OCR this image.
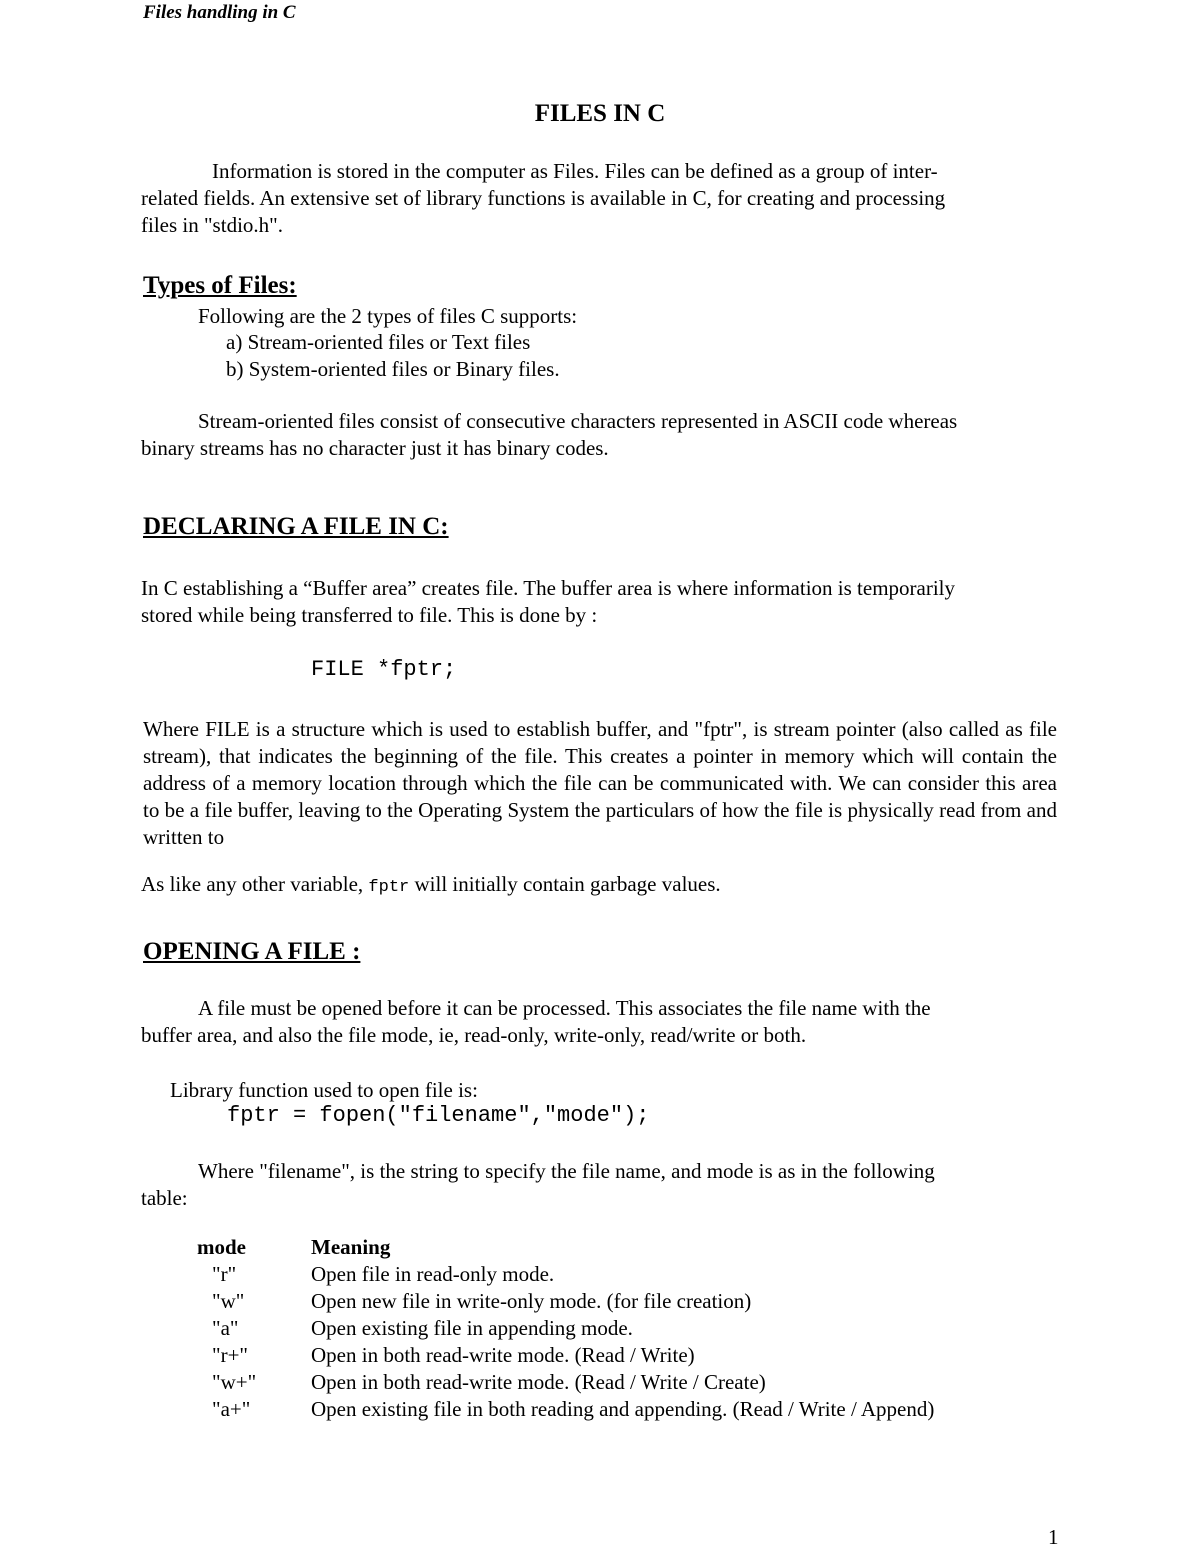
Files handling in C
FILES IN C
Information is stored in the computer as Files. Files can be defined as a group of inter-
related fields. An extensive set of library functions is available in C, for creating and processing
files in "stdio.h".
Types of Files:
Following are the 2 types of files C supports:
a) Stream-oriented files or Text files
b) System-oriented files or Binary files.
Stream-oriented files consist of consecutive characters represented in ASCII code whereas
binary streams has no character just it has binary codes.
DECLARING A FILE IN C:
In C establishing a “Buffer area” creates file. The buffer area is where information is temporarily
stored while being transferred to file. This is done by :
FILE *fptr;
Where FILE is a structure which is used to establish buffer, and "fptr", is stream pointer (also called as file stream), that indicates the beginning of the file. This creates a pointer in memory which will contain the address of a memory location through which the file can be communicated with. We can consider this area to be a file buffer, leaving to the Operating System the particulars of how the file is physically read from and written to
As like any other variable, fptr will initially contain garbage values.
OPENING A FILE :
A file must be opened before it can be processed. This associates the file name with the
buffer area, and also the file mode, ie, read-only, write-only, read/write or both.
Library function used to open file is:
fptr = fopen("filename","mode");
Where "filename", is the string to specify the file name, and mode is as in the following
table:
mode	Meaning
"r"	Open file in read-only mode.
"w"	Open new file in write-only mode. (for file creation)
"a"	Open existing file in appending mode.
"r+"	Open in both read-write mode. (Read / Write)
"w+"	Open in both read-write mode. (Read / Write / Create)
"a+"	Open existing file in both reading and appending. (Read / Write / Append)
1
